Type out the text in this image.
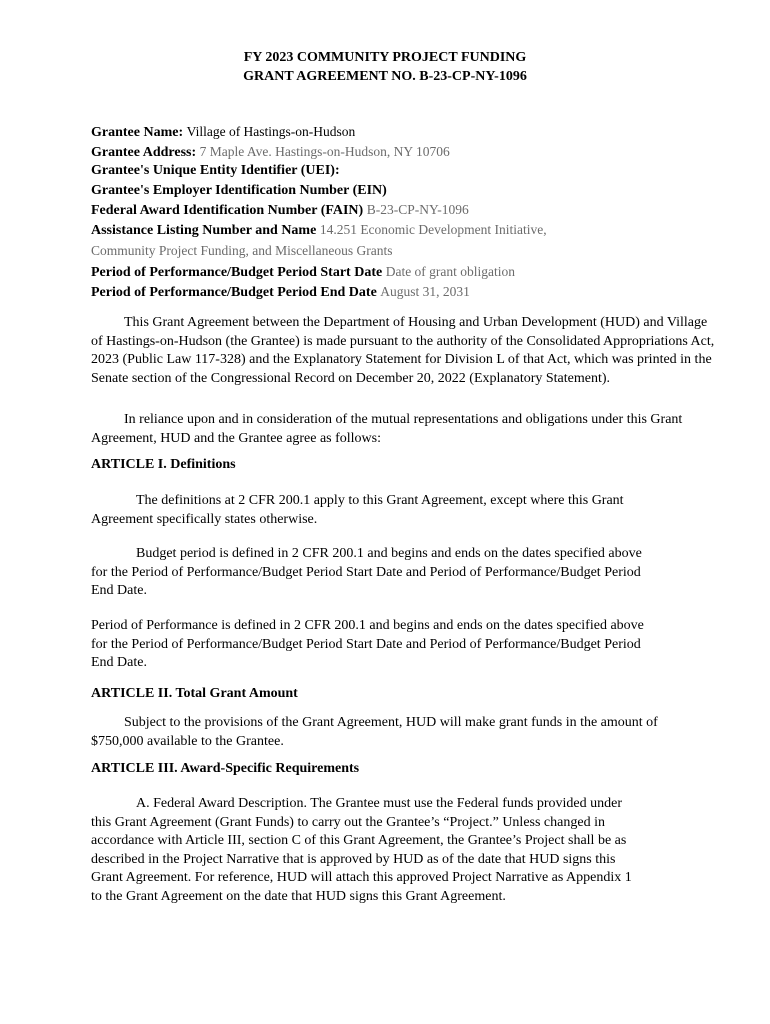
FY 2023 COMMUNITY PROJECT FUNDING
GRANT AGREEMENT NO. B-23-CP-NY-1096
Grantee Name: Village of Hastings-on-Hudson
Grantee Address: 7 Maple Ave. Hastings-on-Hudson, NY 10706
Grantee's Unique Entity Identifier (UEI):
Grantee's Employer Identification Number (EIN)
Federal Award Identification Number (FAIN) B-23-CP-NY-1096
Assistance Listing Number and Name 14.251 Economic Development Initiative,
Community Project Funding, and Miscellaneous Grants
Period of Performance/Budget Period Start Date Date of grant obligation
Period of Performance/Budget Period End Date August 31, 2031

This Grant Agreement between the Department of Housing and Urban Development (HUD) and Village of Hastings-on-Hudson (the Grantee) is made pursuant to the authority of the Consolidated Appropriations Act, 2023 (Public Law 117-328) and the Explanatory Statement for Division L of that Act, which was printed in the Senate section of the Congressional Record on December 20, 2022 (Explanatory Statement).

In reliance upon and in consideration of the mutual representations and obligations under this Grant Agreement, HUD and the Grantee agree as follows:

ARTICLE I. Definitions

The definitions at 2 CFR 200.1 apply to this Grant Agreement, except where this Grant Agreement specifically states otherwise.

Budget period is defined in 2 CFR 200.1 and begins and ends on the dates specified above for the Period of Performance/Budget Period Start Date and Period of Performance/Budget Period End Date.

Period of Performance is defined in 2 CFR 200.1 and begins and ends on the dates specified above for the Period of Performance/Budget Period Start Date and Period of Performance/Budget Period End Date.

ARTICLE II. Total Grant Amount

Subject to the provisions of the Grant Agreement, HUD will make grant funds in the amount of $750,000 available to the Grantee.

ARTICLE III. Award-Specific Requirements

A. Federal Award Description. The Grantee must use the Federal funds provided under this Grant Agreement (Grant Funds) to carry out the Grantee’s “Project.” Unless changed in accordance with Article III, section C of this Grant Agreement, the Grantee’s Project shall be as described in the Project Narrative that is approved by HUD as of the date that HUD signs this Grant Agreement. For reference, HUD will attach this approved Project Narrative as Appendix 1 to the Grant Agreement on the date that HUD signs this Grant Agreement.
